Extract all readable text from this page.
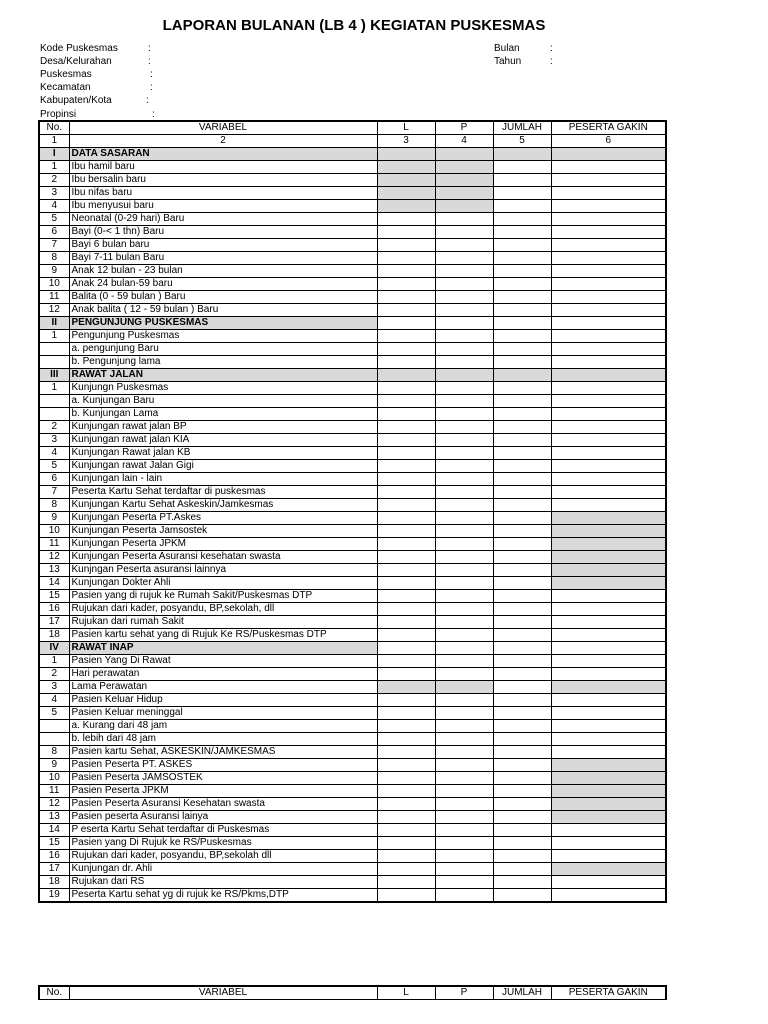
LAPORAN BULANAN (LB 4 ) KEGIATAN PUSKESMAS
Kode Puskesmas	:
Desa/Kelurahan	:
Puskesmas	:
Kecamatan	:
Kabupaten/Kota	:
Propinsi	:
Bulan	:
Tahun	:
No.	VARIABEL	L	P	JUMLAH	PESERTA GAKIN
1	2	3	4	5	6
I	DATA SASARAN				
1	Ibu hamil baru				
2	Ibu bersalin baru				
3	Ibu nifas baru				
4	Ibu menyusui baru				
5	Neonatal (0-29 hari) Baru				
6	Bayi (0-< 1 thn) Baru				
7	Bayi 6 bulan baru				
8	Bayi 7-11 bulan Baru				
9	Anak 12 bulan - 23 bulan				
10	Anak 24 bulan-59 baru				
11	Balita (0 - 59 bulan ) Baru				
12	Anak balita ( 12 - 59 bulan ) Baru				
II	PENGUNJUNG PUSKESMAS				
1	Pengunjung Puskesmas				
	a. pengunjung Baru				
	b. Pengunjung lama				
III	RAWAT JALAN				
1	Kunjungn Puskesmas				
	a. Kunjungan Baru				
	b. Kunjungan Lama				
2	Kunjungan rawat jalan BP				
3	Kunjungan rawat jalan KIA				
4	Kunjungan Rawat jalan KB				
5	Kunjungan rawat Jalan Gigi				
6	Kunjungan lain - lain				
7	Peserta Kartu Sehat terdaftar di puskesmas				
8	Kunjungan Kartu Sehat Askeskin/Jamkesmas				
9	Kunjungan Peserta PT.Askes				
10	Kunjungan Peserta Jamsostek				
11	Kunjungan Peserta JPKM				
12	Kunjungan Peserta Asuransi kesehatan swasta				
13	Kunjngan Peserta asuransi lainnya				
14	Kunjungan Dokter Ahli				
15	Pasien yang di rujuk ke Rumah Sakit/Puskesmas DTP				
16	Rujukan dari kader, posyandu, BP,sekolah, dll				
17	Rujukan dari rumah Sakit				
18	Pasien kartu sehat yang di Rujuk Ke RS/Puskesmas DTP				
IV	RAWAT INAP				
1	Pasien Yang Di Rawat				
2	Hari perawatan				
3	Lama Perawatan				
4	Pasien Keluar Hidup				
5	Pasien Keluar meninggal				
	a. Kurang dari 48 jam				
	b. lebih dari 48 jam				
8	Pasien kartu Sehat, ASKESKIN/JAMKESMAS				
9	Pasien Peserta PT. ASKES				
10	Pasien Peserta JAMSOSTEK				
11	Pasien Peserta JPKM				
12	Pasien Peserta Asuransi Kesehatan swasta				
13	Pasien peserta Asuransi lainya				
14	P eserta Kartu Sehat terdaftar di Puskesmas				
15	Pasien yang Di Rujuk ke RS/Puskesmas				
16	Rujukan dari kader, posyandu, BP,sekolah dll				
17	Kunjungan dr. Ahli				
18	Rujukan dari RS				
19	Peserta Kartu sehat yg di rujuk ke RS/Pkms,DTP				
No.	VARIABEL	L	P	JUMLAH	PESERTA GAKIN
